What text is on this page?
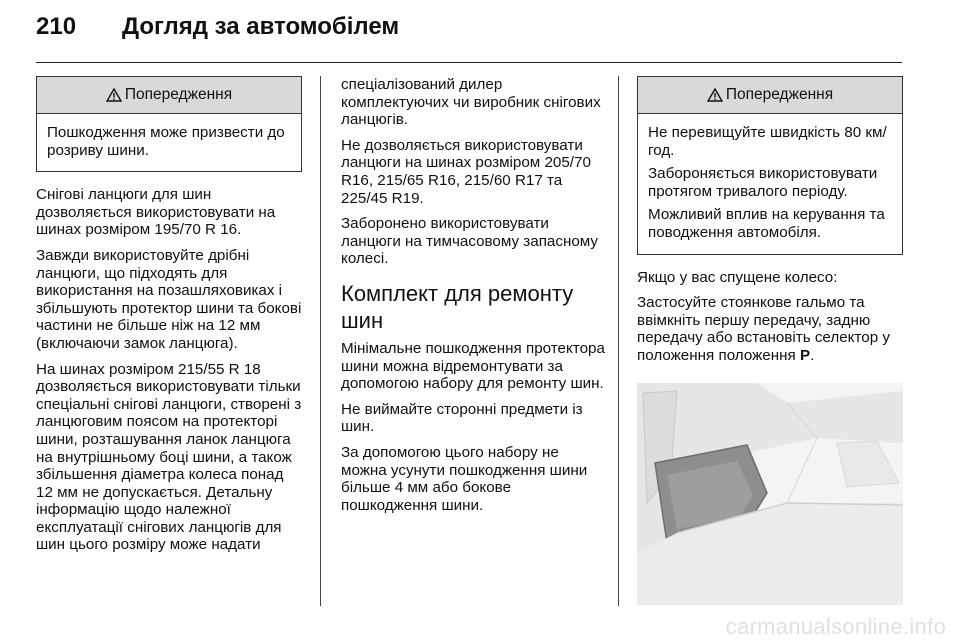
210	Догляд за автомобілем
Попередження

Пошкодження може призвести до розриву шини.

Снігові ланцюги для шин дозволяється використовувати на шинах розміром 195/70 R 16.

Завжди використовуйте дрібні ланцюги, що підходять для використання на позашляховиках і збільшують протектор шини та бокові частини не більше ніж на 12 мм (включаючи замок ланцюга).

На шинах розміром 215/55 R 18 дозволяється використовувати тільки спеціальні снігові ланцюги, створені з ланцюговим поясом на протекторі шини, розташування ланок ланцюга на внутрішньому боці шини, а також збільшення діаметра колеса понад 12 мм не допускається. Детальну інформацію щодо належної експлуатації снігових ланцюгів для шин цього розміру може надати

спеціалізований дилер комплектуючих чи виробник снігових ланцюгів.

Не дозволяється використовувати ланцюги на шинах розміром 205/70 R16, 215/65 R16, 215/60 R17 та 225/45 R19.

Заборонено використовувати ланцюги на тимчасовому запасному колесі.

Комплект для ремонту шин

Мінімальне пошкодження протектора шини можна відремонтувати за допомогою набору для ремонту шин.

Не виймайте сторонні предмети із шин.

За допомогою цього набору не можна усунути пошкодження шини більше 4 мм або бокове пошкодження шини.

Попередження

Не перевищуйте швидкість 80 км/год.

Забороняється використовувати протягом тривалого періоду.

Можливий вплив на керування та поводження автомобіля.

Якщо у вас спущене колесо:

Застосуйте стоянкове гальмо та ввімкніть першу передачу, задню передачу або встановіть селектор у положення положення P.

carmanualsonline.info
